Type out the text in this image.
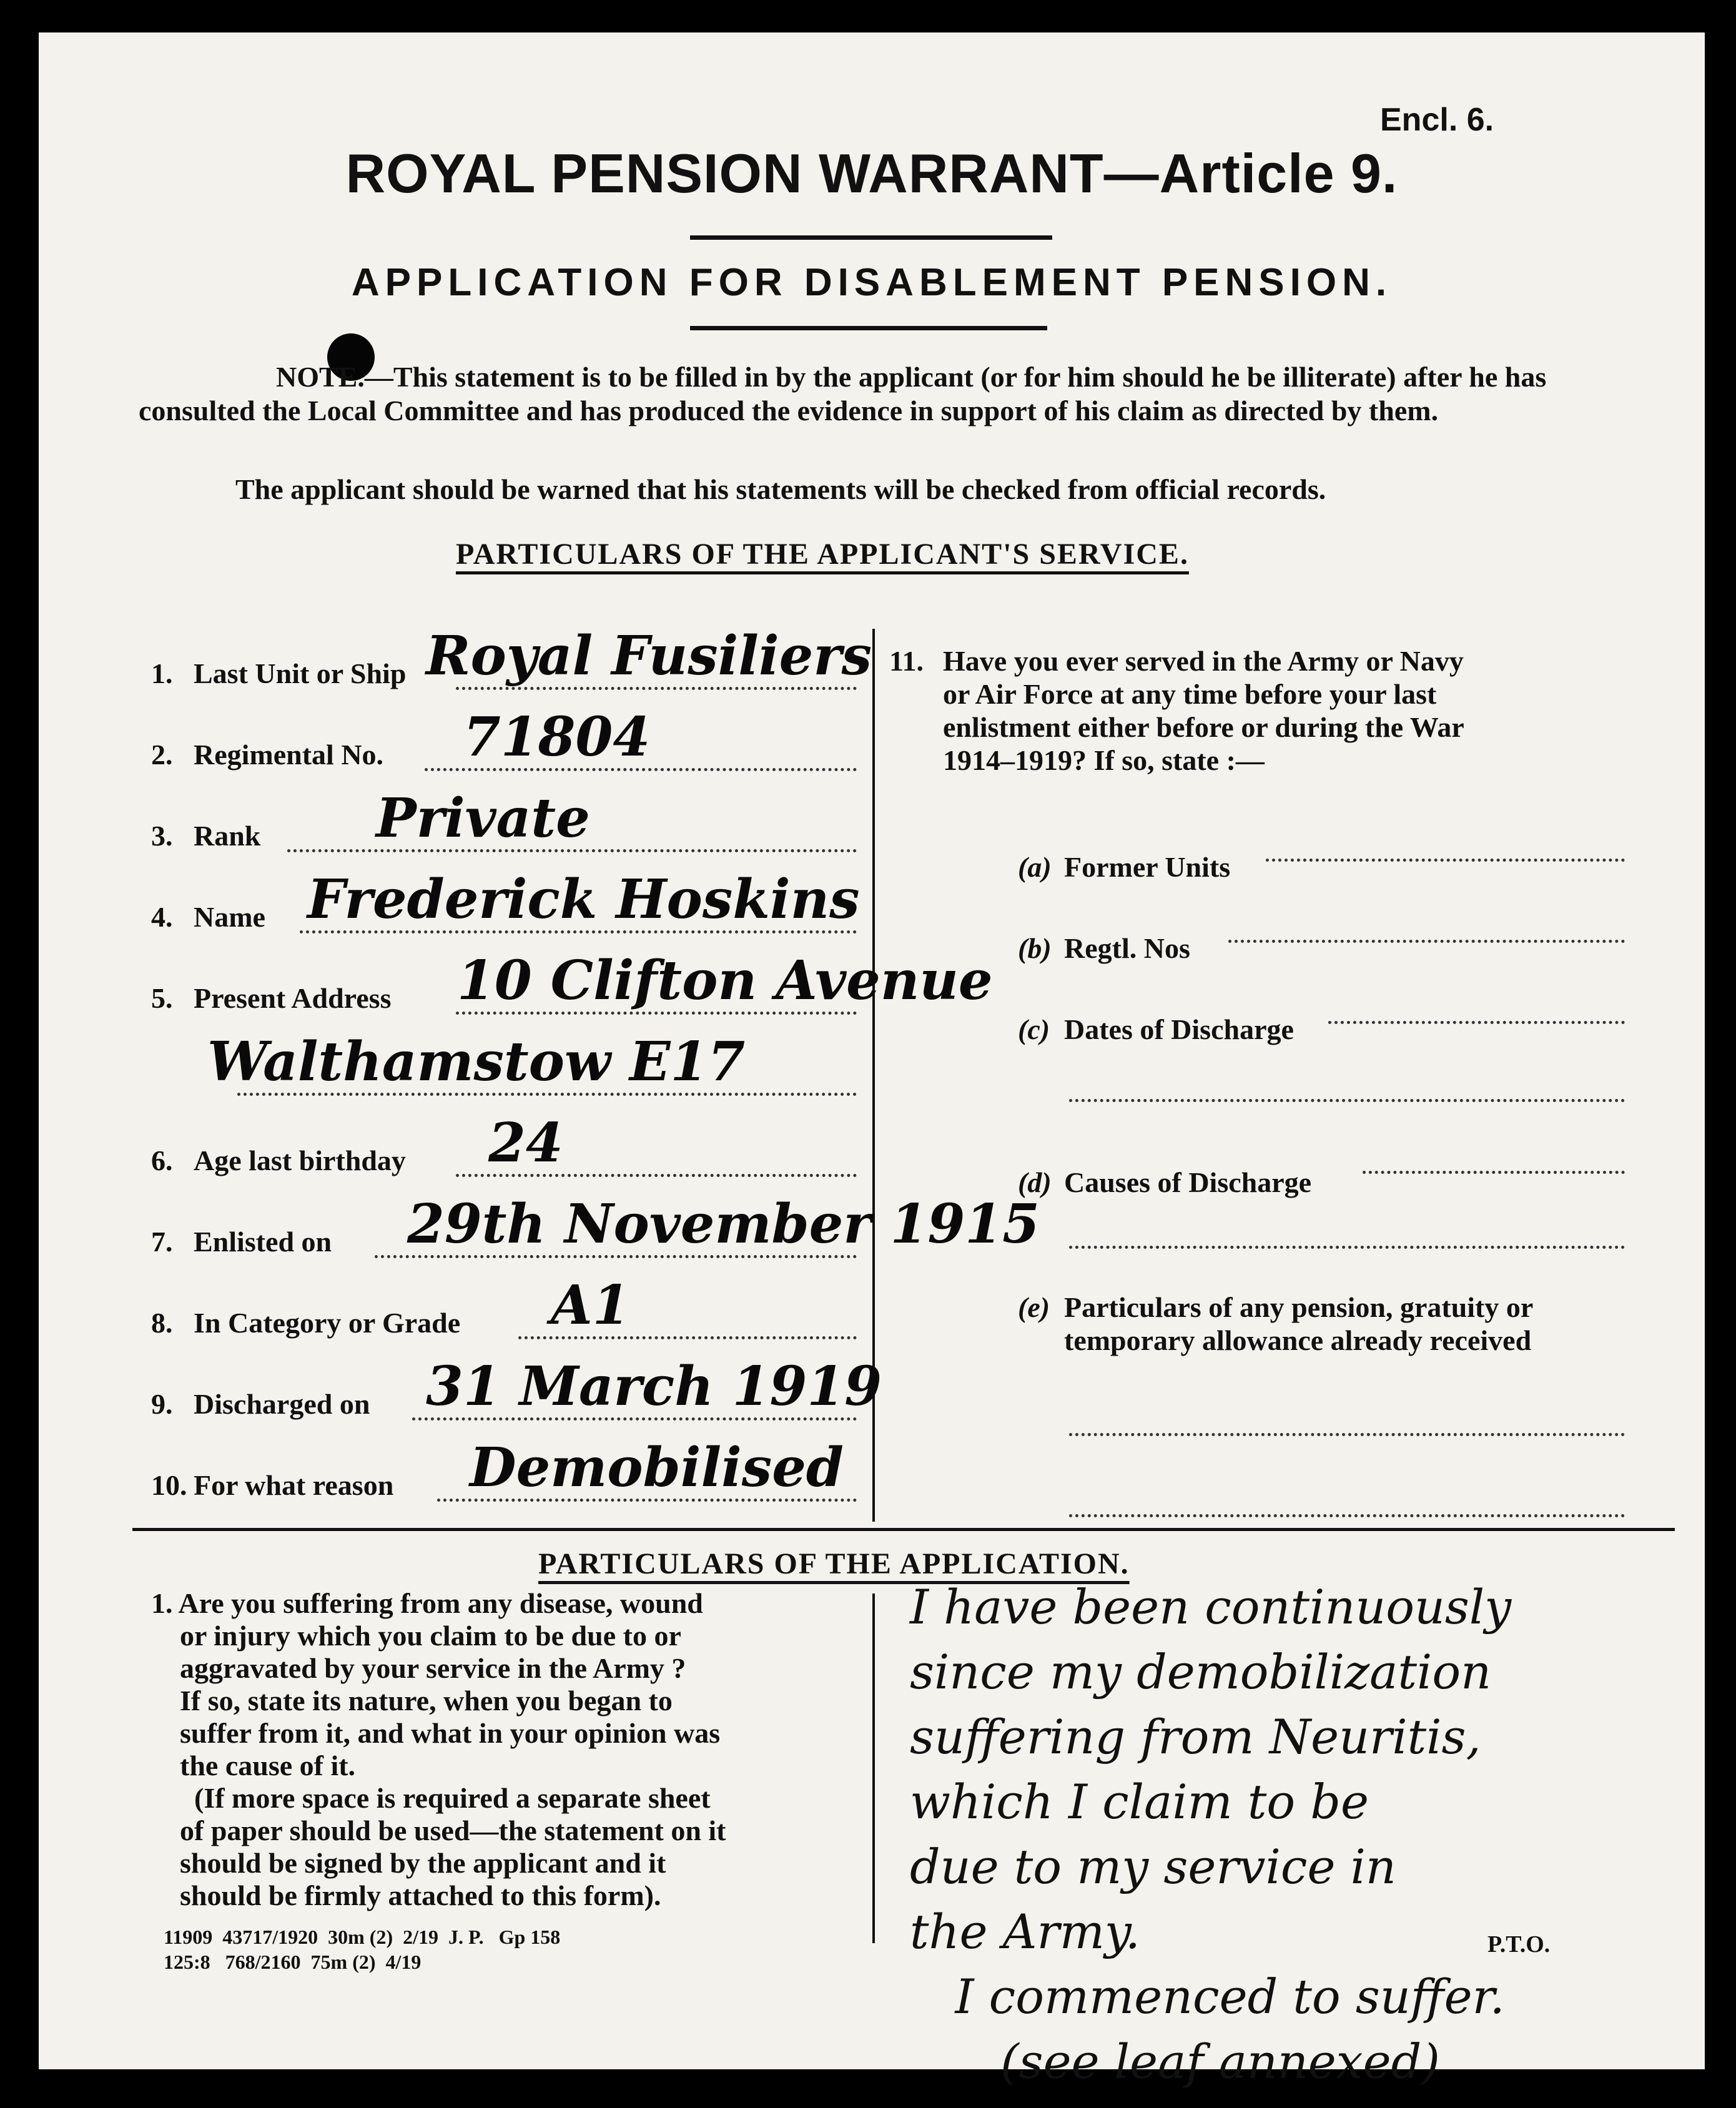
Encl. 6.
ROYAL PENSION WARRANT—Article 9.
APPLICATION FOR DISABLEMENT PENSION.
NOTE.—This statement is to be filled in by the applicant (or for him should he be illiterate) after he has consulted the Local Committee and has produced the evidence in support of his claim as directed by them.
The applicant should be warned that his statements will be checked from official records.
PARTICULARS OF THE APPLICANT'S SERVICE.
11. Have you ever served in the Army or Navy
or Air Force at any time before your last
enlistment either before or during the War
1914–1919? If so, state :—
PARTICULARS OF THE APPLICATION.
1. Are you suffering from any disease, wound
or injury which you claim to be due to or
aggravated by your service in the Army ?
If so, state its nature, when you began to
suffer from it, and what in your opinion was
the cause of it.
(If more space is required a separate sheet
of paper should be used—the statement on it
should be signed by the applicant and it
should be firmly attached to this form).
I have been continuously
since my demobilization
suffering from Neuritis,
which I claim to be
due to my service in
the Army.
I commenced to suffer.
(see leaf annexed)
P.T.O.
11909  43717/1920  30m (2)  2/19  J. P.   Gp 158
125:8   768/2160  75m (2)  4/19
1. Last Unit or Ship Royal Fusiliers
2. Regimental No. 71804
3. Rank Private
4. Name Frederick Hoskins
5. Present Address 10 Clifton Avenue
Walthamstow E17
6. Age last birthday 24
7. Enlisted on 29th November 1915
8. In Category or Grade A1
9. Discharged on 31 March 1919
10. For what reason Demobilised
(a) Former Units
(b) Regtl. Nos
(c) Dates of Discharge
(d) Causes of Discharge
(e) Particulars of any pension, gratuity or
temporary allowance already received
